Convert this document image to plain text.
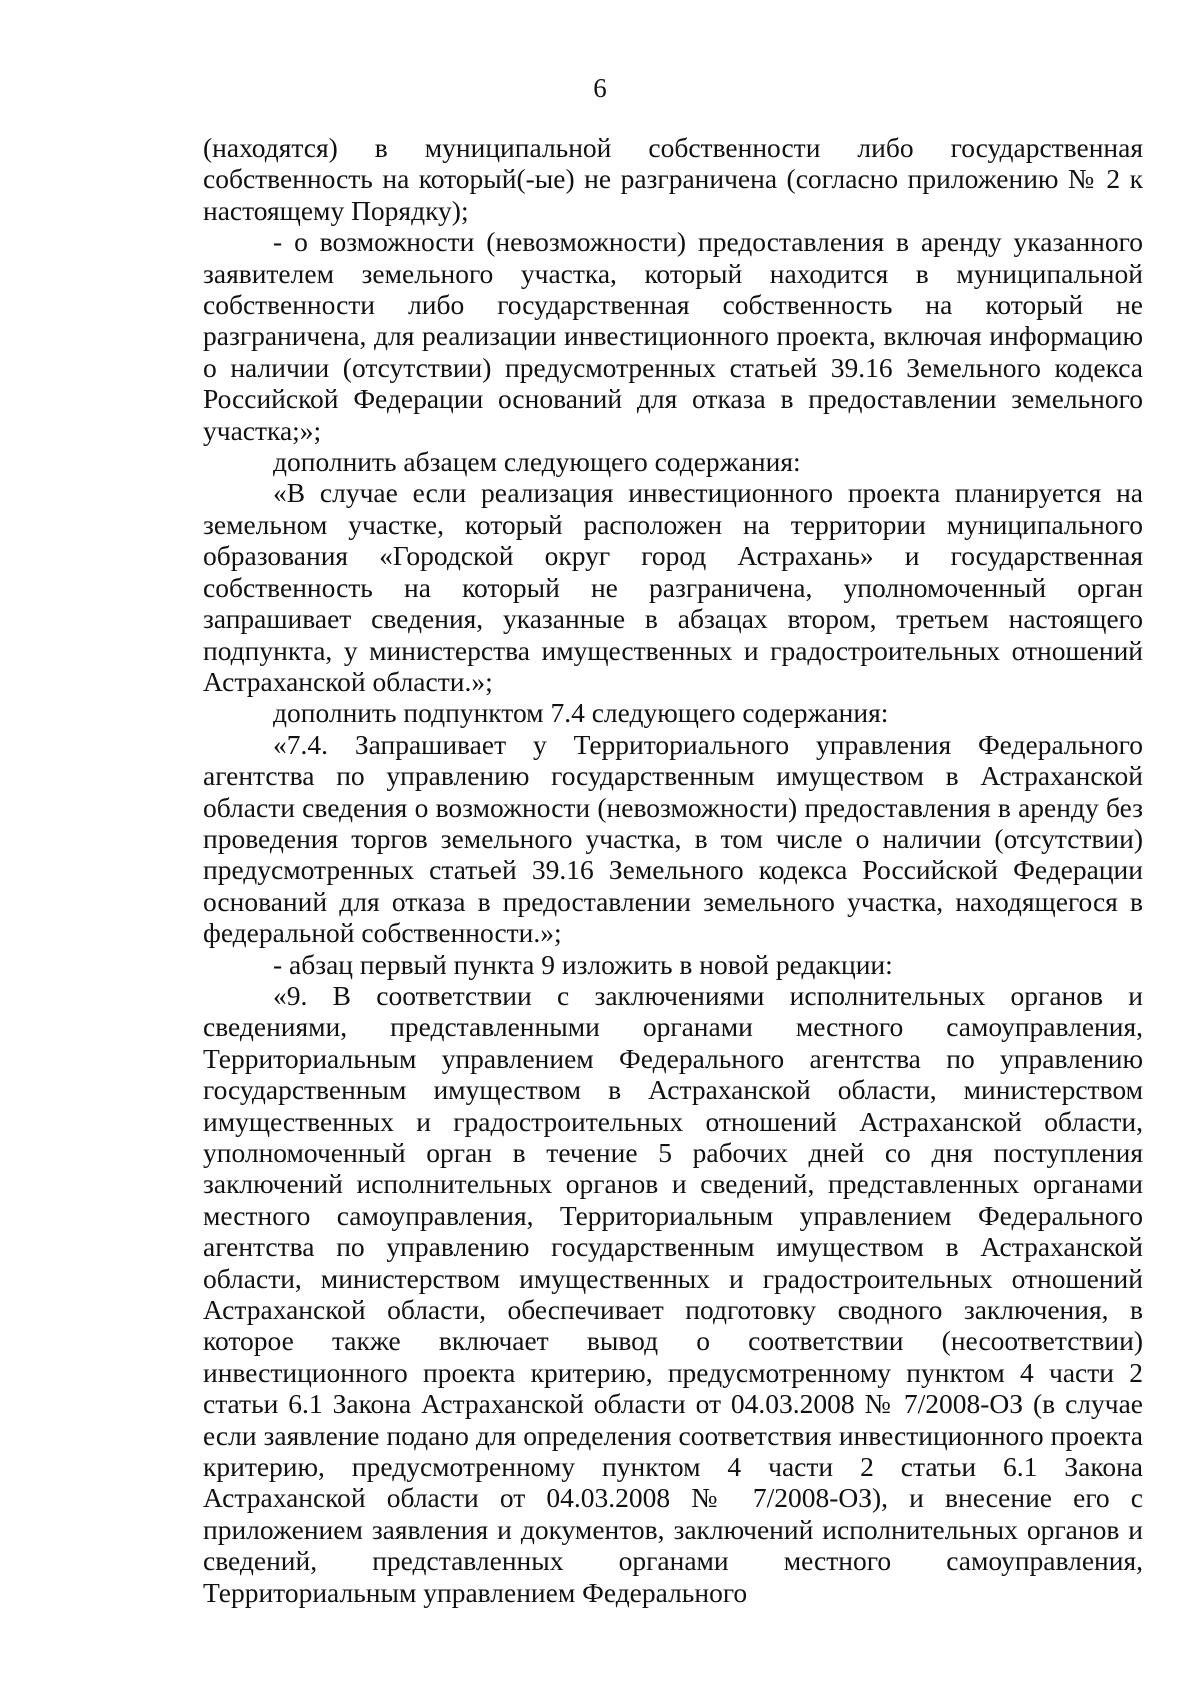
6

(находятся) в муниципальной собственности либо государственная собственность на который(-ые) не разграничена (согласно приложению № 2 к настоящему Порядку);

- о возможности (невозможности) предоставления в аренду указанного заявителем земельного участка, который находится в муниципальной собственности либо государственная собственность на который не разграничена, для реализации инвестиционного проекта, включая информацию о наличии (отсутствии) предусмотренных статьей 39.16 Земельного кодекса Российской Федерации оснований для отказа в предоставлении земельного участка;»;

дополнить абзацем следующего содержания:

«В случае если реализация инвестиционного проекта планируется на земельном участке, который расположен на территории муниципального образования «Городской округ город Астрахань» и государственная собственность на который не разграничена, уполномоченный орган запрашивает сведения, указанные в абзацах втором, третьем настоящего подпункта, у министерства имущественных и градостроительных отношений Астраханской области.»;

дополнить подпунктом 7.4 следующего содержания:

«7.4. Запрашивает у Территориального управления Федерального агентства по управлению государственным имуществом в Астраханской области сведения о возможности (невозможности) предоставления в аренду без проведения торгов земельного участка, в том числе о наличии (отсутствии) предусмотренных статьей 39.16 Земельного кодекса Российской Федерации оснований для отказа в предоставлении земельного участка, находящегося в федеральной собственности.»;

- абзац первый пункта 9 изложить в новой редакции:

«9. В соответствии с заключениями исполнительных органов и сведениями, представленными органами местного самоуправления, Территориальным управлением Федерального агентства по управлению государственным имуществом в Астраханской области, министерством имущественных и градостроительных отношений Астраханской области, уполномоченный орган в течение 5 рабочих дней со дня поступления заключений исполнительных органов и сведений, представленных органами местного самоуправления, Территориальным управлением Федерального агентства по управлению государственным имуществом в Астраханской области, министерством имущественных и градостроительных отношений Астраханской области, обеспечивает подготовку сводного заключения, в которое также включает вывод о соответствии (несоответствии) инвестиционного проекта критерию, предусмотренному пунктом 4 части 2 статьи 6.1 Закона Астраханской области от 04.03.2008 № 7/2008-ОЗ (в случае если заявление подано для определения соответствия инвестиционного проекта критерию, предусмотренному пунктом 4 части 2 статьи 6.1 Закона Астраханской области от 04.03.2008 № 7/2008-ОЗ), и внесение его с приложением заявления и документов, заключений исполнительных органов и сведений, представленных органами местного самоуправления, Территориальным управлением Федерального
